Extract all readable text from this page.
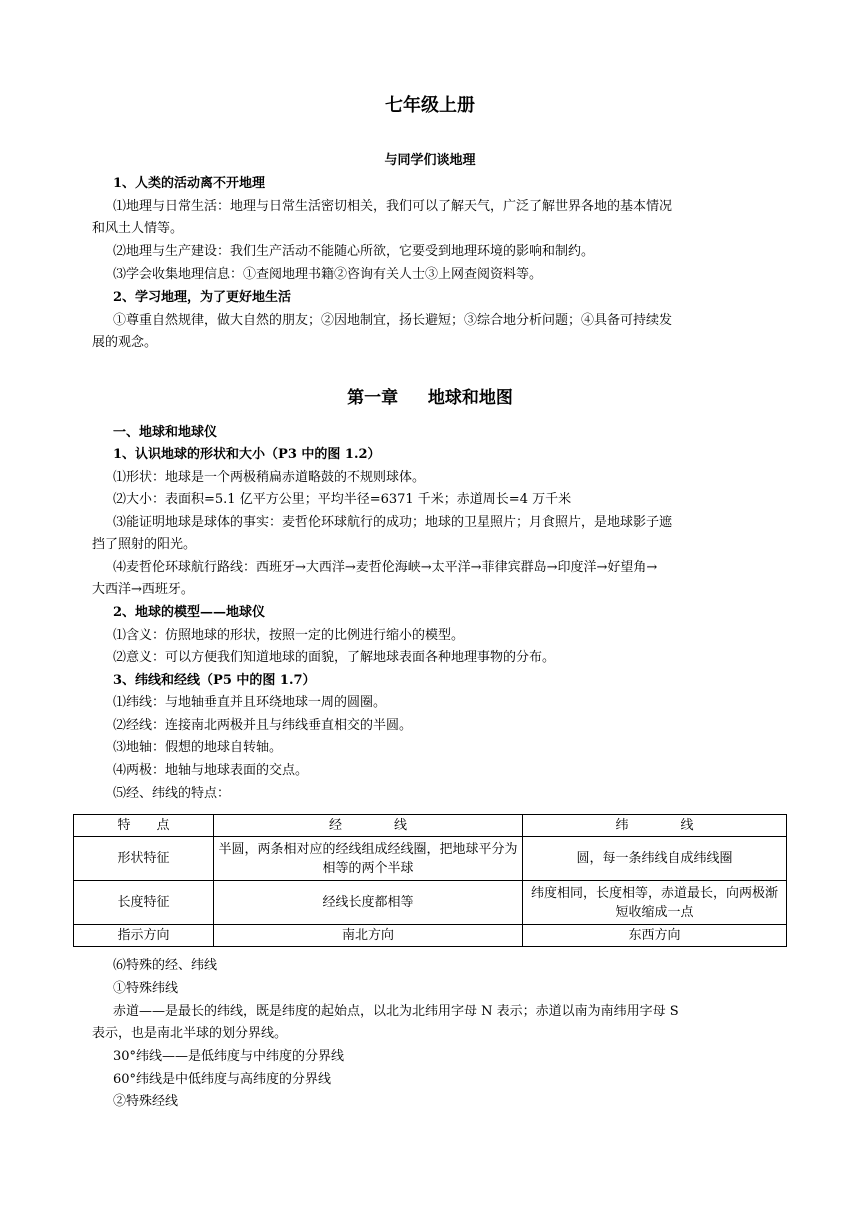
七年级上册
与同学们谈地理
1、人类的活动离不开地理
⑴地理与日常生活：地理与日常生活密切相关，我们可以了解天气，广泛了解世界各地的基本情况
和风土人情等。
⑵地理与生产建设：我们生产活动不能随心所欲，它要受到地理环境的影响和制约。
⑶学会收集地理信息：①查阅地理书籍②咨询有关人士③上网查阅资料等。
2、学习地理，为了更好地生活
①尊重自然规律，做大自然的朋友；②因地制宜，扬长避短；③综合地分析问题；④具备可持续发
展的观念。
第一章 地球和地图
一、地球和地球仪
1、认识地球的形状和大小（P3 中的图 1.2）
⑴形状：地球是一个两极稍扁赤道略鼓的不规则球体。
⑵大小：表面积=5.1 亿平方公里；平均半径=6371 千米；赤道周长=4 万千米
⑶能证明地球是球体的事实：麦哲伦环球航行的成功；地球的卫星照片；月食照片，是地球影子遮
挡了照射的阳光。
⑷麦哲伦环球航行路线：西班牙→大西洋→麦哲伦海峡→太平洋→菲律宾群岛→印度洋→好望角→
大西洋→西班牙。
2、地球的模型——地球仪
⑴含义：仿照地球的形状，按照一定的比例进行缩小的模型。
⑵意义：可以方便我们知道地球的面貌，了解地球表面各种地理事物的分布。
3、纬线和经线（P5 中的图 1.7）
⑴纬线：与地轴垂直并且环绕地球一周的圆圈。
⑵经线：连接南北两极并且与纬线垂直相交的半圆。
⑶地轴：假想的地球自转轴。
⑷两极：地轴与地球表面的交点。
⑸经、纬线的特点：
特　　点	经　　　　线	纬　　　　线
形状特征	半圆，两条相对应的经线组成经线圈，把地球平分为相等的两个半球	圆，每一条纬线自成纬线圈
长度特征	经线长度都相等	纬度相同，长度相等，赤道最长，向两极渐短收缩成一点
指示方向	南北方向	东西方向
⑹特殊的经、纬线
①特殊纬线
赤道——是最长的纬线，既是纬度的起始点，以北为北纬用字母 N 表示；赤道以南为南纬用字母 S
表示，也是南北半球的划分界线。
30°纬线——是低纬度与中纬度的分界线
60°纬线是中低纬度与高纬度的分界线
②特殊经线
